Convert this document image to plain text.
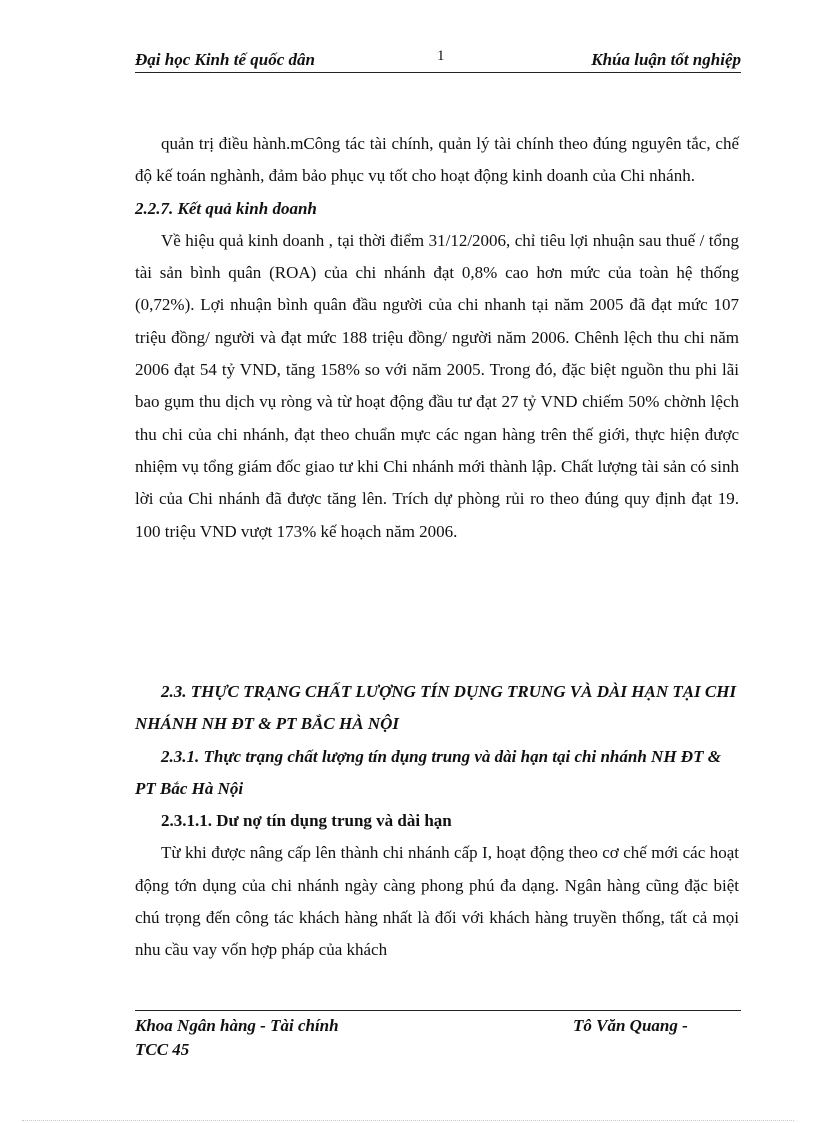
Đại học Kinh tế quốc dân	1	Khúa luận tốt nghiệp

quản trị điều hành.mCông tác tài chính, quản lý tài chính theo đúng nguyên tắc, chế độ kế toán nghành, đảm bảo phục vụ tốt cho hoạt động kinh doanh của Chi nhánh.

2.2.7. Kết quả kinh doanh

Về hiệu quả kinh doanh , tại thời điểm 31/12/2006, chỉ tiêu lợi nhuận sau thuế / tổng tài sản bình quân (ROA) của chi nhánh đạt 0,8% cao hơn mức của toàn hệ thống (0,72%). Lợi nhuận bình quân đầu người của chi nhanh tại năm 2005 đã đạt mức 107 triệu đồng/ người và đạt mức 188 triệu đồng/ người năm 2006. Chênh lệch thu chi năm 2006 đạt 54 tỷ VND, tăng 158% so với năm 2005. Trong đó, đặc biệt nguồn thu phi lãi bao gụm thu dịch vụ ròng và từ hoạt động đầu tư đạt 27 tỷ VND chiếm 50% chờnh lệch thu chi của chi nhánh, đạt theo chuẩn mực các ngan hàng trên thế giới, thực hiện được nhiệm vụ tổng giám đốc giao tư khi Chi nhánh mới thành lập. Chất lượng tài sản có sinh lời của Chi nhánh đã được tăng lên. Trích dự phòng rủi ro theo đúng quy định đạt 19. 100 triệu VND vượt 173% kế hoạch năm 2006.

2.3. THỰC TRẠNG CHẤT LƯỢNG TÍN DỤNG TRUNG VÀ DÀI HẠN TẠI CHI NHÁNH NH ĐT & PT BẮC HÀ NỘI

2.3.1. Thực trạng chất lượng tín dụng trung và dài hạn tại chi nhánh NH ĐT & PT Bắc Hà Nội

2.3.1.1. Dư nợ tín dụng trung và dài hạn

Từ khi được nâng cấp lên thành chi nhánh cấp I, hoạt động theo cơ chế mới các hoạt động tớn dụng của chi nhánh ngày càng phong phú đa dạng. Ngân hàng cũng đặc biệt chú trọng đến công tác khách hàng nhất là đối với khách hàng truyền thống, tất cả mọi nhu cầu vay vốn hợp pháp của khách

Khoa Ngân hàng - Tài chính	Tô Văn Quang -
TCC 45
